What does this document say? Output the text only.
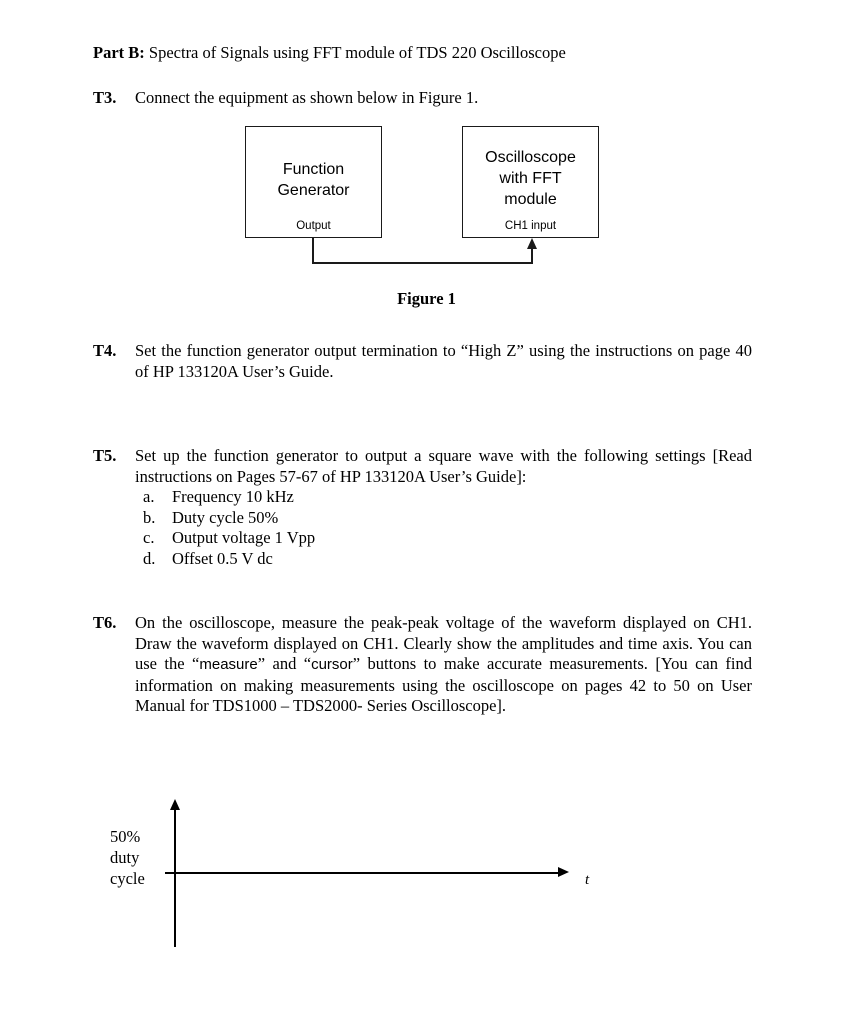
Part B: Spectra of Signals using FFT module of TDS 220 Oscilloscope
T3. Connect the equipment as shown below in Figure 1.
Function
Generator
Output
Oscilloscope
with FFT
module
CH1 input
Figure 1
T4. Set the function generator output termination to “High Z” using the instructions on page 40 of HP 133120A User’s Guide.
T5. Set up the function generator to output a square wave with the following settings [Read instructions on Pages 57-67 of HP 133120A User’s Guide]:
a. Frequency 10 kHz
b. Duty cycle 50%
c. Output voltage 1 Vpp
d. Offset 0.5 V dc
T6. On the oscilloscope, measure the peak-peak voltage of the waveform displayed on CH1. Draw the waveform displayed on CH1. Clearly show the amplitudes and time axis. You can use the “measure” and “cursor” buttons to make accurate measurements. [You can find information on making measurements using the oscilloscope on pages 42 to 50 on User Manual for TDS1000 – TDS2000- Series Oscilloscope].
t
50%
duty
cycle
